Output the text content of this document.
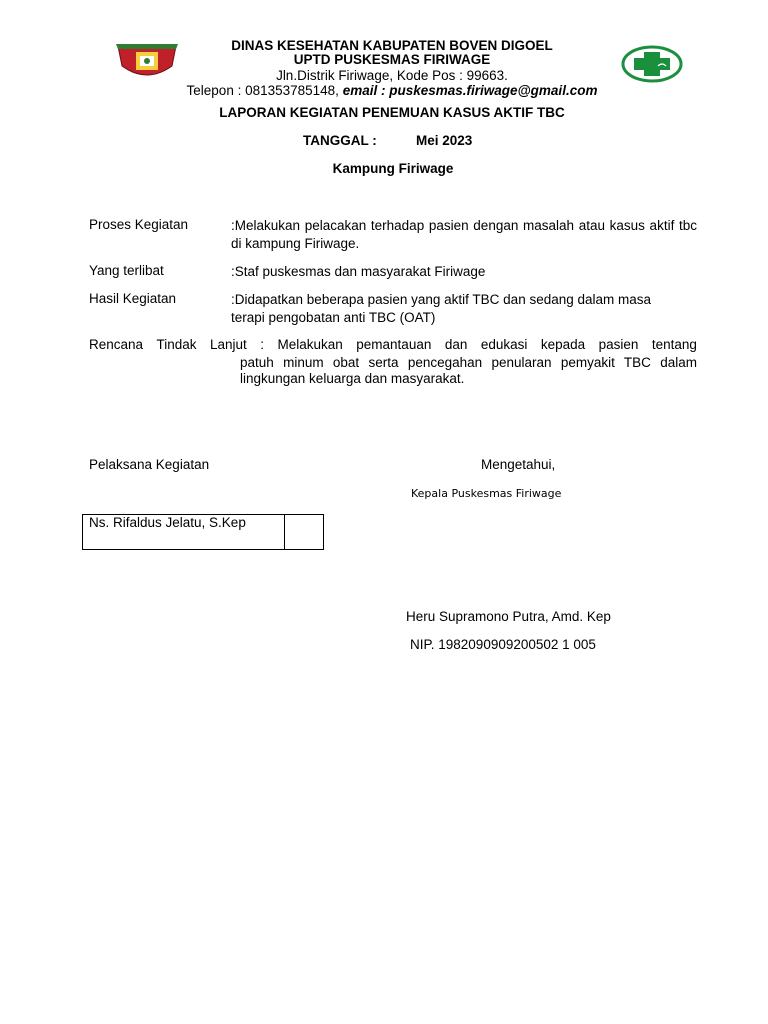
DINAS KESEHATAN KABUPATEN BOVEN DIGOEL
UPTD PUSKESMAS FIRIWAGE
Jln.Distrik Firiwage, Kode Pos : 99663.
Telepon : 081353785148, email : puskesmas.firiwage@gmail.com
LAPORAN KEGIATAN PENEMUAN KASUS AKTIF TBC
TANGGAL :	Mei 2023
Kampung Firiwage
Proses Kegiatan	:Melakukan pelacakan terhadap pasien dengan masalah atau kasus aktif tbc di kampung Firiwage.
Yang terlibat	:Staf puskesmas dan masyarakat Firiwage
Hasil Kegiatan	:Didapatkan beberapa pasien yang aktif TBC dan sedang dalam masa terapi pengobatan anti TBC (OAT)
Rencana Tindak Lanjut : Melakukan pemantauan dan edukasi kepada pasien tentang
patuh minum obat serta pencegahan penularan pemyakit TBC dalam lingkungan keluarga dan masyarakat.
Pelaksana Kegiatan	Mengetahui,
Kepala Puskesmas Firiwage
Ns. Rifaldus Jelatu, S.Kep
Heru Supramono Putra, Amd. Kep
NIP. 1982090909200502 1 005
